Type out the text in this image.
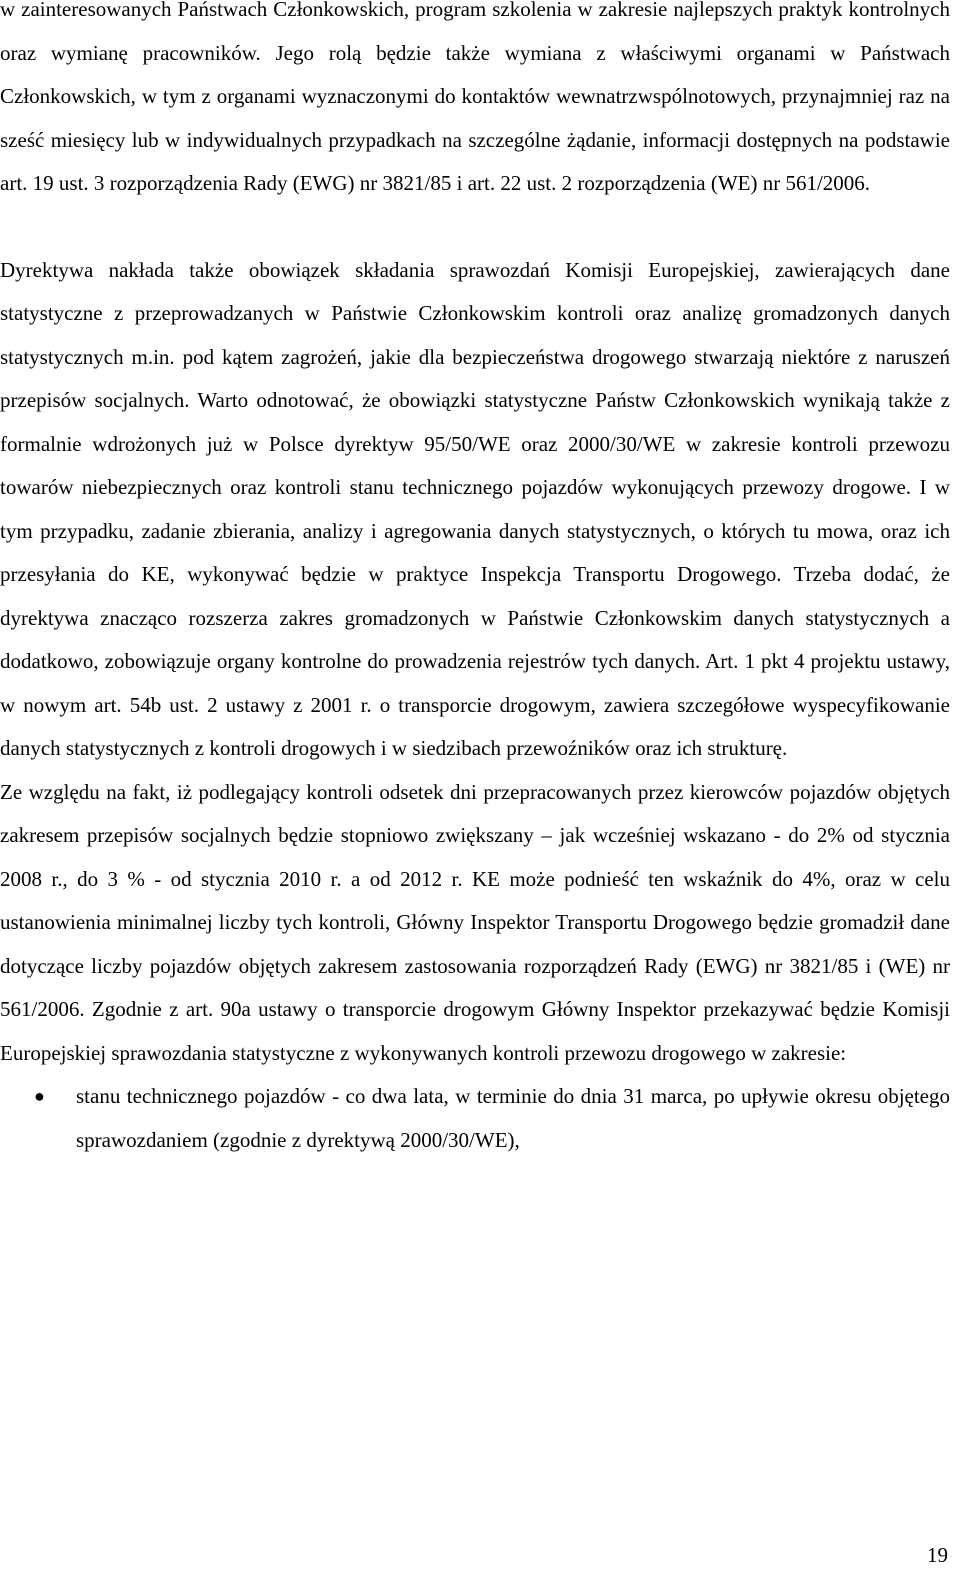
w zainteresowanych Państwach Członkowskich, program szkolenia w zakresie najlepszych praktyk kontrolnych oraz wymianę pracowników. Jego rolą będzie także wymiana z właściwymi organami w Państwach Członkowskich, w tym z organami wyznaczonymi do kontaktów wewnatrzwspólnotowych, przynajmniej raz na sześć miesięcy lub w indywidualnych przypadkach na szczególne żądanie, informacji dostępnych na podstawie art. 19 ust. 3 rozporządzenia Rady (EWG) nr 3821/85 i art. 22 ust. 2 rozporządzenia (WE) nr 561/2006.

Dyrektywa nakłada także obowiązek składania sprawozdań Komisji Europejskiej, zawierających dane statystyczne z przeprowadzanych w Państwie Członkowskim kontroli oraz analizę gromadzonych danych statystycznych m.in. pod kątem zagrożeń, jakie dla bezpieczeństwa drogowego stwarzają niektóre z naruszeń przepisów socjalnych. Warto odnotować, że obowiązki statystyczne Państw Członkowskich wynikają także z formalnie wdrożonych już w Polsce dyrektyw 95/50/WE oraz 2000/30/WE w zakresie kontroli przewozu towarów niebezpiecznych oraz kontroli stanu technicznego pojazdów wykonujących przewozy drogowe. I w tym przypadku, zadanie zbierania, analizy i agregowania danych statystycznych, o których tu mowa, oraz ich przesyłania do KE, wykonywać będzie w praktyce Inspekcja Transportu Drogowego. Trzeba dodać, że dyrektywa znacząco rozszerza zakres gromadzonych w Państwie Członkowskim danych statystycznych a dodatkowo, zobowiązuje organy kontrolne do prowadzenia rejestrów tych danych. Art. 1 pkt 4 projektu ustawy, w nowym art. 54b ust. 2 ustawy z 2001 r. o transporcie drogowym, zawiera szczegółowe wyspecyfikowanie danych statystycznych z kontroli drogowych i w siedzibach przewoźników oraz ich strukturę.

Ze względu na fakt, iż podlegający kontroli odsetek dni przepracowanych przez kierowców pojazdów objętych zakresem przepisów socjalnych będzie stopniowo zwiększany – jak wcześniej wskazano - do 2% od stycznia 2008 r., do 3 % - od stycznia 2010 r. a od 2012 r. KE może podnieść ten wskaźnik do 4%, oraz w celu ustanowienia minimalnej liczby tych kontroli, Główny Inspektor Transportu Drogowego będzie gromadził dane dotyczące liczby pojazdów objętych zakresem zastosowania rozporządzeń Rady (EWG) nr 3821/85 i (WE) nr 561/2006. Zgodnie z art. 90a ustawy o transporcie drogowym Główny Inspektor przekazywać będzie Komisji Europejskiej sprawozdania statystyczne z wykonywanych kontroli przewozu drogowego w zakresie:

● stanu technicznego pojazdów - co dwa lata, w terminie do dnia 31 marca, po upływie okresu objętego sprawozdaniem (zgodnie z dyrektywą 2000/30/WE),
19
